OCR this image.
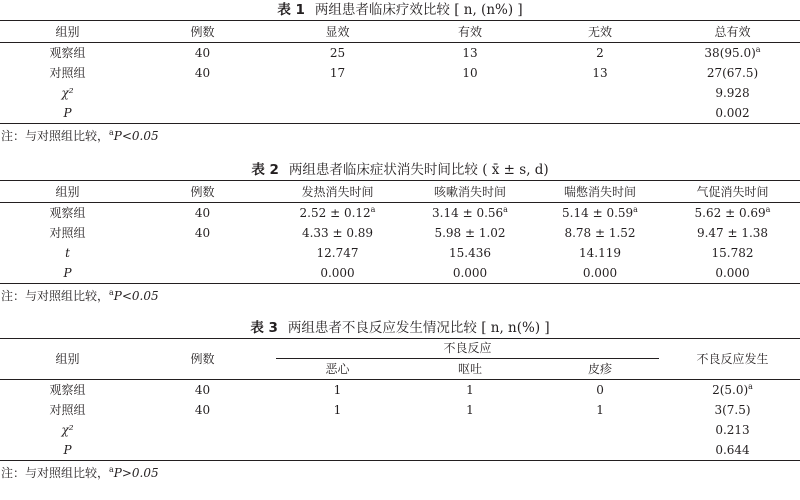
表 1 两组患者临床疗效比较 [ n, (n%) ]
组别	例数	显效	有效	无效	总有效
观察组	40	25	13	2	$38(95.0)^a$
对照组	40	17	10	13	27(67.5)
χ²					9.928
P					0.002
注：与对照组比较，$^a$P<0.05
表 2 两组患者临床症状消失时间比较 ( x̄ ± s, d)
组别	例数	发热消失时间	咳嗽消失时间	喘憋消失时间	气促消失时间
观察组	40	2.52 ± 0.12$^a$	3.14 ± 0.56$^a$	5.14 ± 0.59$^a$	5.62 ± 0.69$^a$
对照组	40	4.33 ± 0.89	5.98 ± 1.02	8.78 ± 1.52	9.47 ± 1.38
t		12.747	15.436	14.119	15.782
P		0.000	0.000	0.000	0.000
注：与对照组比较，$^a$P<0.05
表 3 两组患者不良反应发生情况比较 [ n, n(%) ]
组别	例数	不良反应			不良反应发生
		恶心	呕吐	皮疹	
观察组	40	1	1	0	$2(5.0)^a$
对照组	40	1	1	1	3(7.5)
χ²					0.213
P					0.644
注：与对照组比较，$^a$P>0.05
